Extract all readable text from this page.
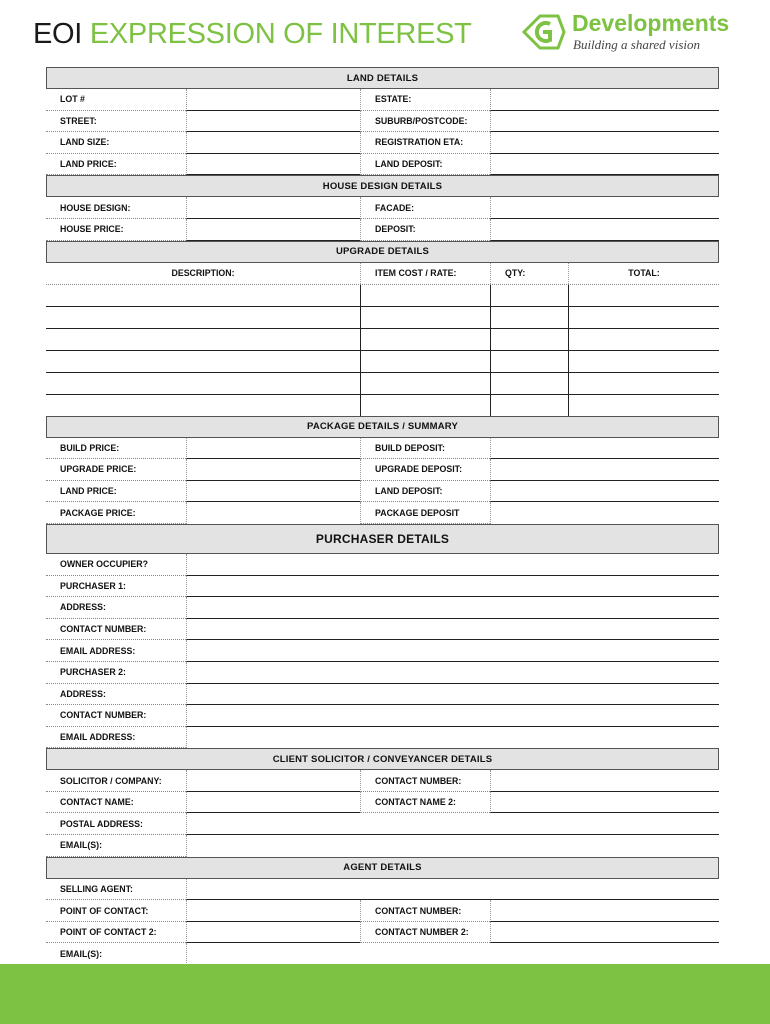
EOI EXPRESSION OF INTEREST	Developments
Building a shared vision
LAND DETAILS
LOT #	ESTATE:
STREET:	SUBURB/POSTCODE:
LAND SIZE:	REGISTRATION ETA:
LAND PRICE:	LAND DEPOSIT:
HOUSE DESIGN DETAILS
HOUSE DESIGN:	FACADE:
HOUSE PRICE:	DEPOSIT:
UPGRADE DETAILS
DESCRIPTION:	ITEM COST / RATE:	QTY:	TOTAL:
PACKAGE DETAILS / SUMMARY
BUILD PRICE:	BUILD DEPOSIT:
UPGRADE PRICE:	UPGRADE DEPOSIT:
LAND PRICE:	LAND DEPOSIT:
PACKAGE PRICE:	PACKAGE DEPOSIT
PURCHASER DETAILS
OWNER OCCUPIER?
PURCHASER 1:
ADDRESS:
CONTACT NUMBER:
EMAIL ADDRESS:
PURCHASER 2:
ADDRESS:
CONTACT NUMBER:
EMAIL ADDRESS:
CLIENT SOLICITOR / CONVEYANCER DETAILS
SOLICITOR / COMPANY:	CONTACT NUMBER:
CONTACT NAME:	CONTACT NAME 2:
POSTAL ADDRESS:
EMAIL(S):
AGENT DETAILS
SELLING AGENT:
POINT OF CONTACT:	CONTACT NUMBER:
POINT OF CONTACT 2:	CONTACT NUMBER 2:
EMAIL(S):
